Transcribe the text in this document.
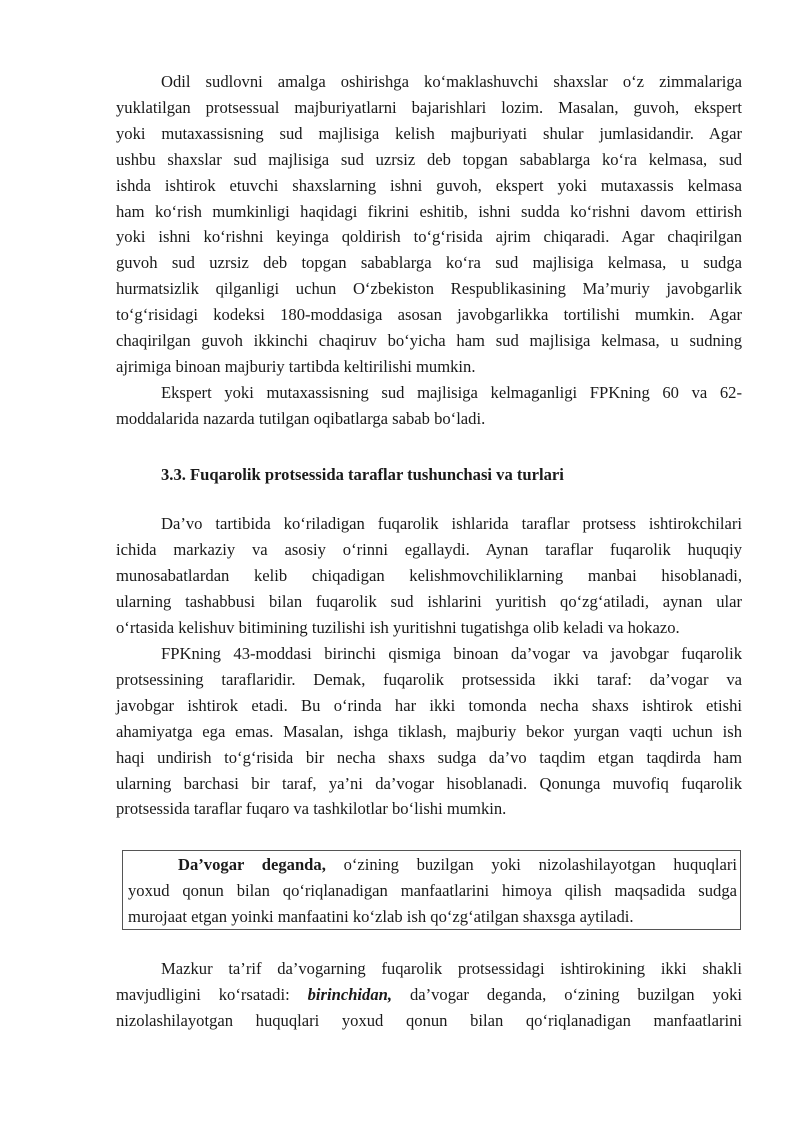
Odil sudlovni amalga oshirishga ko‘maklashuvchi shaxslar o‘z zimmalariga
yuklatilgan protsessual majburiyatlarni bajarishlari lozim. Masalan, guvoh, ekspert
yoki mutaxassisning sud majlisiga kelish majburiyati shular jumlasidandir. Agar
ushbu shaxslar sud majlisiga sud uzrsiz deb topgan sabablarga ko‘ra kelmasa, sud
ishda ishtirok etuvchi shaxslarning ishni guvoh, ekspert yoki mutaxassis kelmasa
ham ko‘rish mumkinligi haqidagi fikrini eshitib, ishni sudda ko‘rishni davom ettirish
yoki ishni ko‘rishni keyinga qoldirish to‘g‘risida ajrim chiqaradi. Agar chaqirilgan
guvoh sud uzrsiz deb topgan sabablarga ko‘ra sud majlisiga kelmasa, u sudga
hurmatsizlik qilganligi uchun O‘zbekiston Respublikasining Ma’muriy javobgarlik
to‘g‘risidagi kodeksi 180-moddasiga asosan javobgarlikka tortilishi mumkin. Agar
chaqirilgan guvoh ikkinchi chaqiruv bo‘yicha ham sud majlisiga kelmasa, u sudning
ajrimiga binoan majburiy tartibda keltirilishi mumkin.

Ekspert yoki mutaxassisning sud majlisiga kelmaganligi FPKning 60 va 62-
moddalarida nazarda tutilgan oqibatlarga sabab bo‘ladi.

3.3. Fuqarolik protsessida taraflar tushunchasi va turlari

Da’vo tartibida ko‘riladigan fuqarolik ishlarida taraflar protsess ishtirokchilari
ichida markaziy va asosiy o‘rinni egallaydi. Aynan taraflar fuqarolik huquqiy
munosabatlardan kelib chiqadigan kelishmovchiliklarning manbai hisoblanadi,
ularning tashabbusi bilan fuqarolik sud ishlarini yuritish qo‘zg‘atiladi, aynan ular
o‘rtasida kelishuv bitimining tuzilishi ish yuritishni tugatishga olib keladi va hokazo.

FPKning 43-moddasi birinchi qismiga binoan da’vogar va javobgar fuqarolik
protsessining taraflaridir. Demak, fuqarolik protsessida ikki taraf: da’vogar va
javobgar ishtirok etadi. Bu o‘rinda har ikki tomonda necha shaxs ishtirok etishi
ahamiyatga ega emas. Masalan, ishga tiklash, majburiy bekor yurgan vaqti uchun ish
haqi undirish to‘g‘risida bir necha shaxs sudga da’vo taqdim etgan taqdirda ham
ularning barchasi bir taraf, ya’ni da’vogar hisoblanadi. Qonunga muvofiq fuqarolik
protsessida taraflar fuqaro va tashkilotlar bo‘lishi mumkin.

Da’vogar deganda, o‘zining buzilgan yoki nizolashilayotgan huquqlari
yoxud qonun bilan qo‘riqlanadigan manfaatlarini himoya qilish maqsadida sudga
murojaat etgan yoinki manfaatini ko‘zlab ish qo‘zg‘atilgan shaxsga aytiladi.

Mazkur ta’rif da’vogarning fuqarolik protsessidagi ishtirokining ikki shakli
mavjudligini ko‘rsatadi: birinchidan, da’vogar deganda, o‘zining buzilgan yoki
nizolashilayotgan huquqlari yoxud qonun bilan qo‘riqlanadigan manfaatlarini
